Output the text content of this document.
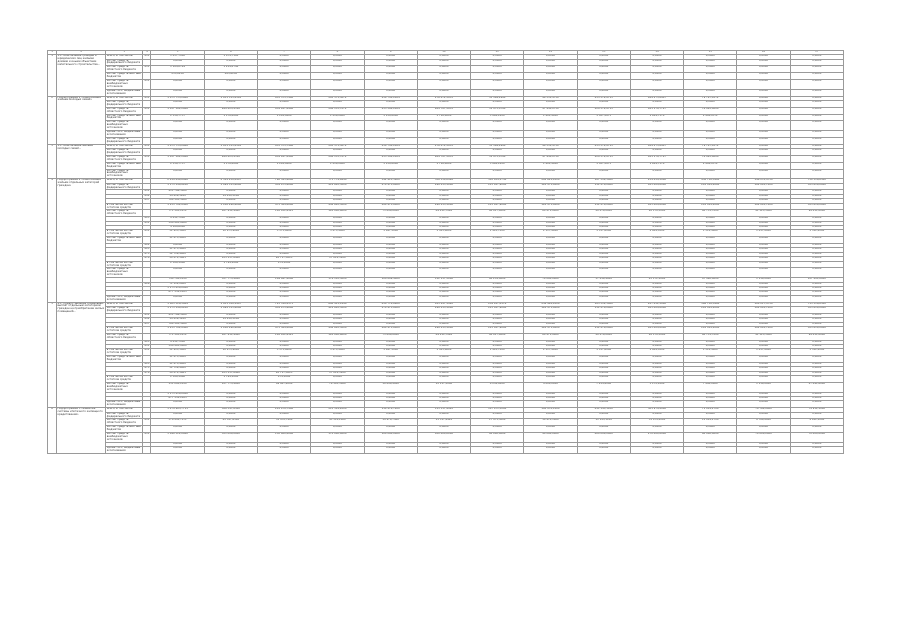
1	2	3	4	5	6	7	8	9	10	11	12	13	14	15	16	17
1	1.1. Обеспечение граждан и юридических лиц жилыми домами и иными объектами капитального строительства...	Всего, в том числе:	811	1 437,7000	1 479,7100	0,0000	0,0000	0,0000	0,0000	0,0000	0,0000	0,0000	0,0000	0,0000	0,0000	0,0000
		за счет средств федерального бюджета		0,0000	0,0000	0,0000	0,0000	0,0000	0,0000	0,0000	0,0000	0,0000	0,0000	0,0000	0,0000	0,0000
		за счет средств областного бюджета	811	1 184,0744	1 214,0744	0,0000	0,0000	0,0000	0,0000	0,0000	0,0000	0,0000	0,0000	0,0000	0,0000	0,0000
		за счет средств местных бюджетов		253,6256	265,6256	0,0000	0,0000	0,0000	0,0000	0,0000	0,0000	0,0000	0,0000	0,0000	0,0000	0,0000
		за счет средств внебюджетных источников	811	0,0000	0,0000	0,0000	0,0000	0,0000	0,0000	0,0000	0,0000	0,0000	0,0000	0,0000	0,0000	0,0000
		Кроме того, бюджетные ассигнования		0,0000	0,0000	0,0000	0,0000	0,0000	0,0000	0,0000	0,0000	0,0000	0,0000	0,0000	0,0000	0,0000
2	Подпрограмма 2 «Обеспечение жильем молодых семей»	Всего, в том числе:	811	1 073 735,2688	1 031 515,4316	935 375,7400	285 371,5072	254 741,2024	276 472,5833	55 369,2990	49 351,4750	235 572,8715	164 273,0907	79 797,0372	0,0000	0,0000
		за счет средств федерального бюджета		0,0000	0,0000	0,0000	0,0000	0,0000	0,0000	0,0000	0,0000	0,0000	0,0000	0,0000	0,0000	0,0000
		за счет средств областного бюджета	811	1 037 162,2688	949 425,4316	834 167,8400	284 153,7072	253 582,2024	264 787,5833	51 475,0790	47 950,0750	228 572,8715	161 178,7797	76 893,0000	0,0000	0,0000
		за счет средств местных бюджетов		2 356,7737	1 176,0000	1 218,0000	1 218,0000	1 159,0000	1 716,0000	3 894,2200	1 401,4000	1 387,5675	1 614,7570	2 904,0372	0,0000	0,0000
		за счет средств внебюджетных источников		0,0000	0,0000	0,0000	0,0000	0,0000	0,0000	0,0000	0,0000	0,0000	0,0000	0,0000	0,0000	0,0000
		Кроме того, бюджетные ассигнования		0,0000	0,0000	0,0000	0,0000	0,0000	0,0000	0,0000	0,0000	0,0000	0,0000	0,0000	0,0000	0,0000
		за счет средств федерального бюджета		0,0000	0,0000	0,0000	0,0000	0,0000	0,0000	0,0000	0,0000	0,0000	0,0000	0,0000	0,0000	0,0000
3	1.1. Обеспечение жильем молодых семей...	Всего, в том числе:	811	1 073 735,2688	1 031 515,4316	935 375,7400	285 371,5072	254 741,2024	276 472,5833	55 369,2990	49 351,4750	235 572,8715	164 273,0907	79 797,0372	0,0000	0,0000
		за счет средств федерального бюджета		0,0000	0,0000	0,0000	0,0000	0,0000	0,0000	0,0000	0,0000	0,0000	0,0000	0,0000	0,0000	0,0000
		за счет средств областного бюджета	811	1 037 162,2688	949 425,4316	834 167,8400	284 153,7072	253 582,2024	264 787,5833	51 475,0790	47 950,0750	228 572,8715	161 178,7797	76 893,0000	0,0000	0,0000
		за счет средств местных бюджетов		2 356,7737	1 176,0000	1 218,0000	1 218,0000	1 159,0000	1 716,0000	3 894,2200	1 401,4000	1 387,5675	1 614,7570	2 904,0372	0,0000	0,0000
		за счет средств внебюджетных источников		0,0000	0,0000	0,0000	0,0000	0,0000	0,0000	0,0000	0,0000	0,0000	0,0000	0,0000	0,0000	0,0000
4	Подпрограмма 4 «Обеспечение жильем отдельных категорий граждан»	Всего, в том числе:		2 414 444,6968	2 514 458,0987	790 343,6000	775 779,6440	542 915,5900	556 534,0426	385 034,1750	282 641,4520	187 314,5000	234 434,5000	438 756,5400	146 278,4750	750 516,6500
		за счет средств федерального бюджета		1 173 140,8200	1 094 513,6000	434 475,6000	412 663,3000	274 975,6000	298 215,1000	213 817,9000	128 471,8000	112 478,0000	163 004,0000	291 914,2000	104 041,7000	523 614,0000
			811	411 766,5000	0,0000	0,0000	0,0000	0,0000	0,0000	0,0000	0,0000	0,0000	0,0000	0,0000	0,0000	0,0000
			814	14 419,5280	14 419,5280	0,0000	0,0000	0,0000	0,0000	0,0000	0,0000	0,0000	0,0000	0,0000	0,0000	0,0000
			817	764 185,5000	0,0000	0,0000	0,0000	0,0000	0,0000	0,0000	0,0000	0,0000	0,0000	0,0000	0,0000	0,0000
		в том числе за счет остатков средств		1 235 782,8400	1 186 490,6000	475 384,8000	442 663,3000	284 975,6000	298 215,1000	213 817,9000	128 471,8000	112 478,0000	163 004,0000	291 914,2000	104 041,7000	523 614,0000
		за счет средств областного бюджета		771 185,2672	167 911,9442	116 052,6125	120 082,6000	75 899,8000	84 412,7826	80 817,4000	60 471,8000	20 479,0000	28 178,3000	60 751,7000	41 123,5000	99 411,0000
			825	9 412,7000	0,0000	0,0000	0,0000	0,0000	0,0000	0,0000	0,0000	0,0000	0,0000	0,0000	0,0000	0,0000
			811	398 465,8000	0,0000	0,0000	0,0000	0,0000	0,0000	0,0000	0,0000	0,0000	0,0000	0,0000	0,0000	0,0000
				4 188,6000	0,0000	0,0000	0,0000	0,0000	0,0000	0,0000	0,0000	0,0000	0,0000	0,0000	0,0000	0,0000
		в том числе за счет остатков средств	811	32 913,5000	10 975,9000	5 575,6000	5 473,9000	1 897,3000	1 415,8000	1 412,7000	2 117,9000	1 517,8000	2 004,5000	1 312,4000	1 417,8000	1 512,2000
		за счет средств местных бюджетов		11 475,9000	0,0000	0,0000	0,0000	0,0000	0,0000	0,0000	0,0000	0,0000	0,0000	0,0000	0,0000	0,0000
			824	0,0000	0,0000	0,0000	0,0000	0,0000	0,0000	0,0000	0,0000	0,0000	0,0000	0,0000	0,0000	0,0000
			825	11 475,9000	0,0000	0,0000	0,0000	0,0000	0,0000	0,0000	0,0000	0,0000	0,0000	0,0000	0,0000	0,0000
			875	32 719,4000	0,0000	0,0000	0,0000	0,0000	0,0000	0,0000	0,0000	0,0000	0,0000	0,0000	0,0000	0,0000
			878	50 271,5961	125 137,6400	20 717,5625	17 012,5200	0,0000	0,0000	0,0000	0,0000	0,0000	0,0000	0,0000	0,0000	0,0000
		в том числе за счет остатков средств		2 386,1880	1 794,1000	274,1000	0,0000	0,0000	0,0000	0,0000	0,0000	0,0000	0,0000	0,0000	0,0000	0,0000
		за счет средств внебюджетных источников		0,0000	0,0000	0,0000	0,0000	0,0000	0,0000	0,0000	0,0000	0,0000	0,0000	0,0000	0,0000	0,0000
				740 700,2030	527 773,4000	189 847,4000	176 183,5000	108 899,4000	112 117,5000	80 254,0000	74 000,0000	57 414,4000	43 172,1000	87 990,0000	1 114,0000	127 491,6000
			826	71 112,0000	0,0000	0,0000	0,0000	0,0000	0,0000	0,0000	0,0000	0,0000	0,0000	0,0000	0,0000	0,0000
				3 173 419,0000	0,0000	0,0000	0,0000	0,0000	0,0000	0,0000	0,0000	0,0000	0,0000	0,0000	0,0000	0,0000
				677 152,2025	0,0000	0,0000	0,0000	0,0000	0,0000	0,0000	0,0000	0,0000	0,0000	0,0000	0,0000	0,0000
		Кроме того, бюджетные ассигнования		0,0000	0,0000	0,0000	0,0000	0,0000	0,0000	0,0000	0,0000	0,0000	0,0000	0,0000	0,0000	0,0000
5	4.1. Предоставление социальных выплат отдельным категориям граждан на приобретение жилых помещений...	Всего, в том числе:		1 825 326,5684	1 931 328,1987	725 318,4375	680 411,1440	450 774,6900	415 247,1420	254 417,0176	236 461,4520	185 312,5000	227 432,5000	398 756,5400	100 217,4750	713 516,6500
		за счет средств федерального бюджета		1 173 140,8200	1 094 513,6000	434 475,6000	412 663,3000	274 975,6000	298 215,1000	213 817,9000	128 471,8000	112 478,0000	163 004,0000	291 914,2000	104 041,7000	523 614,0000
			811	411 766,5000	0,0000	0,0000	0,0000	0,0000	0,0000	0,0000	0,0000	0,0000	0,0000	0,0000	0,0000	0,0000
			814	14 419,5280	14 419,5280	0,0000	0,0000	0,0000	0,0000	0,0000	0,0000	0,0000	0,0000	0,0000	0,0000	0,0000
			817	764 185,5000	0,0000	0,0000	0,0000	0,0000	0,0000	0,0000	0,0000	0,0000	0,0000	0,0000	0,0000	0,0000
		в том числе за счет остатков средств		1 235 782,8400	1 186 490,6000	475 384,8000	442 663,3000	284 975,6000	298 215,1000	213 817,9000	128 471,8000	112 478,0000	163 004,0000	291 914,2000	104 041,7000	523 614,0000
		за счет средств областного бюджета		771 185,2672	167 911,9442	116 052,6125	120 082,6000	75 899,8000	84 412,7826	80 817,4000	60 471,8000	20 479,0000	28 178,3000	60 751,7000	41 123,5000	99 411,0000
			825	9 412,7000	0,0000	0,0000	0,0000	0,0000	0,0000	0,0000	0,0000	0,0000	0,0000	0,0000	0,0000	0,0000
			811	398 465,8000	0,0000	0,0000	0,0000	0,0000	0,0000	0,0000	0,0000	0,0000	0,0000	0,0000	0,0000	0,0000
		в том числе за счет остатков средств	811	32 913,5000	10 975,9000	5 575,6000	5 473,9000	1 897,3000	1 415,8000	1 412,7000	2 117,9000	1 517,8000	2 004,5000	1 312,4000	1 417,8000	1 512,2000
		за счет средств местных бюджетов		11 475,9000	0,0000	0,0000	0,0000	0,0000	0,0000	0,0000	0,0000	0,0000	0,0000	0,0000	0,0000	0,0000
			825	11 475,9000	0,0000	0,0000	0,0000	0,0000	0,0000	0,0000	0,0000	0,0000	0,0000	0,0000	0,0000	0,0000
			875	32 719,4000	0,0000	0,0000	0,0000	0,0000	0,0000	0,0000	0,0000	0,0000	0,0000	0,0000	0,0000	0,0000
			878	50 271,5961	125 137,6400	20 717,5625	17 012,5200	0,0000	0,0000	0,0000	0,0000	0,0000	0,0000	0,0000	0,0000	0,0000
		в том числе за счет остатков средств		2 386,1880	1 794,1000	274,1000	0,0000	0,0000	0,0000	0,0000	0,0000	0,0000	0,0000	0,0000	0,0000	0,0000
		за счет средств внебюджетных источников		151 000,2030	127 773,4000	89 847,4000	76 183,5000	18 899,4000	12 117,5000	8 254,0000	4 000,0000	7 414,4000	3 172,1000	7 990,0000	1 114,0000	27 491,6000
				1 173 419,0000	0,0000	0,0000	0,0000	0,0000	0,0000	0,0000	0,0000	0,0000	0,0000	0,0000	0,0000	0,0000
				677 152,2025	0,0000	0,0000	0,0000	0,0000	0,0000	0,0000	0,0000	0,0000	0,0000	0,0000	0,0000	0,0000
		Кроме того, бюджетные ассигнования		0,0000	0,0000	0,0000	0,0000	0,0000	0,0000	0,0000	0,0000	0,0000	0,0000	0,0000	0,0000	0,0000
6	Подпрограмма 5 «Развитие системы ипотечного жилищного кредитования»	Всего, в том числе:		3 474 963,7711	386 547,6500	201 478,7900	215 514,2000	114 974,7400	115 317,4422	107 471,5000	100 978,1000	411 145,1100	301 974,2000	71 014,2700	78 764,8000	79 912,1000
		за счет средств федерального бюджета		0,0000	0,0000	0,0000	0,0000	0,0000	0,0000	0,0000	0,0000	0,0000	0,0000	0,0000	0,0000	0,0000
		за счет средств областного бюджета	811	376 441,7071	65 547,6500	51 478,7900	45 514,2000	14 974,7400	15 317,4422	17 471,5000	10 978,1000	11 145,1100	31 974,2000	11 014,2700	8 764,8000	9 912,1000
		за счет средств местных бюджетов		0,0000	0,0000	0,0000	0,0000	0,0000	0,0000	0,0000	0,0000	0,0000	0,0000	0,0000	0,0000	0,0000
		за счет средств внебюджетных источников	811	3 098 522,0640	321 000,0000	150 000,0000	170 000,0000	100 000,0000	100 000,0000	90 000,0000	90 000,0000	400 000,0000	270 000,0000	60 000,0000	70 000,0000	70 000,0000
				0,0000	0,0000	0,0000	0,0000	0,0000	0,0000	0,0000	0,0000	0,0000	0,0000	0,0000	0,0000	0,0000
		Кроме того, бюджетные ассигнования		0,0000	0,0000	0,0000	0,0000	0,0000	0,0000	0,0000	0,0000	0,0000	0,0000	0,0000	0,0000	0,0000
